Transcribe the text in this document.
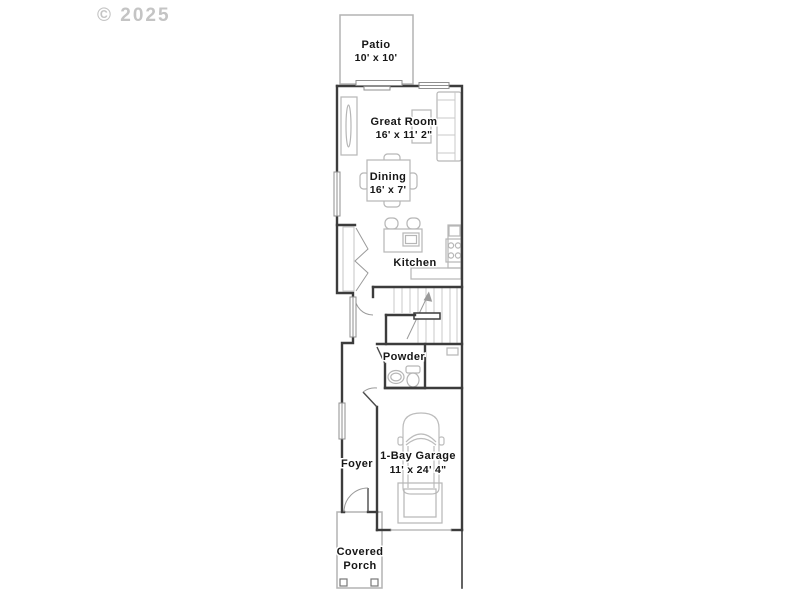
© 2025
Patio
10' x 10'
Great Room
16' x 11' 2"
Dining
16' x 7'
Kitchen
Powder
Foyer
1-Bay Garage
11' x 24' 4"
Covered
Porch
